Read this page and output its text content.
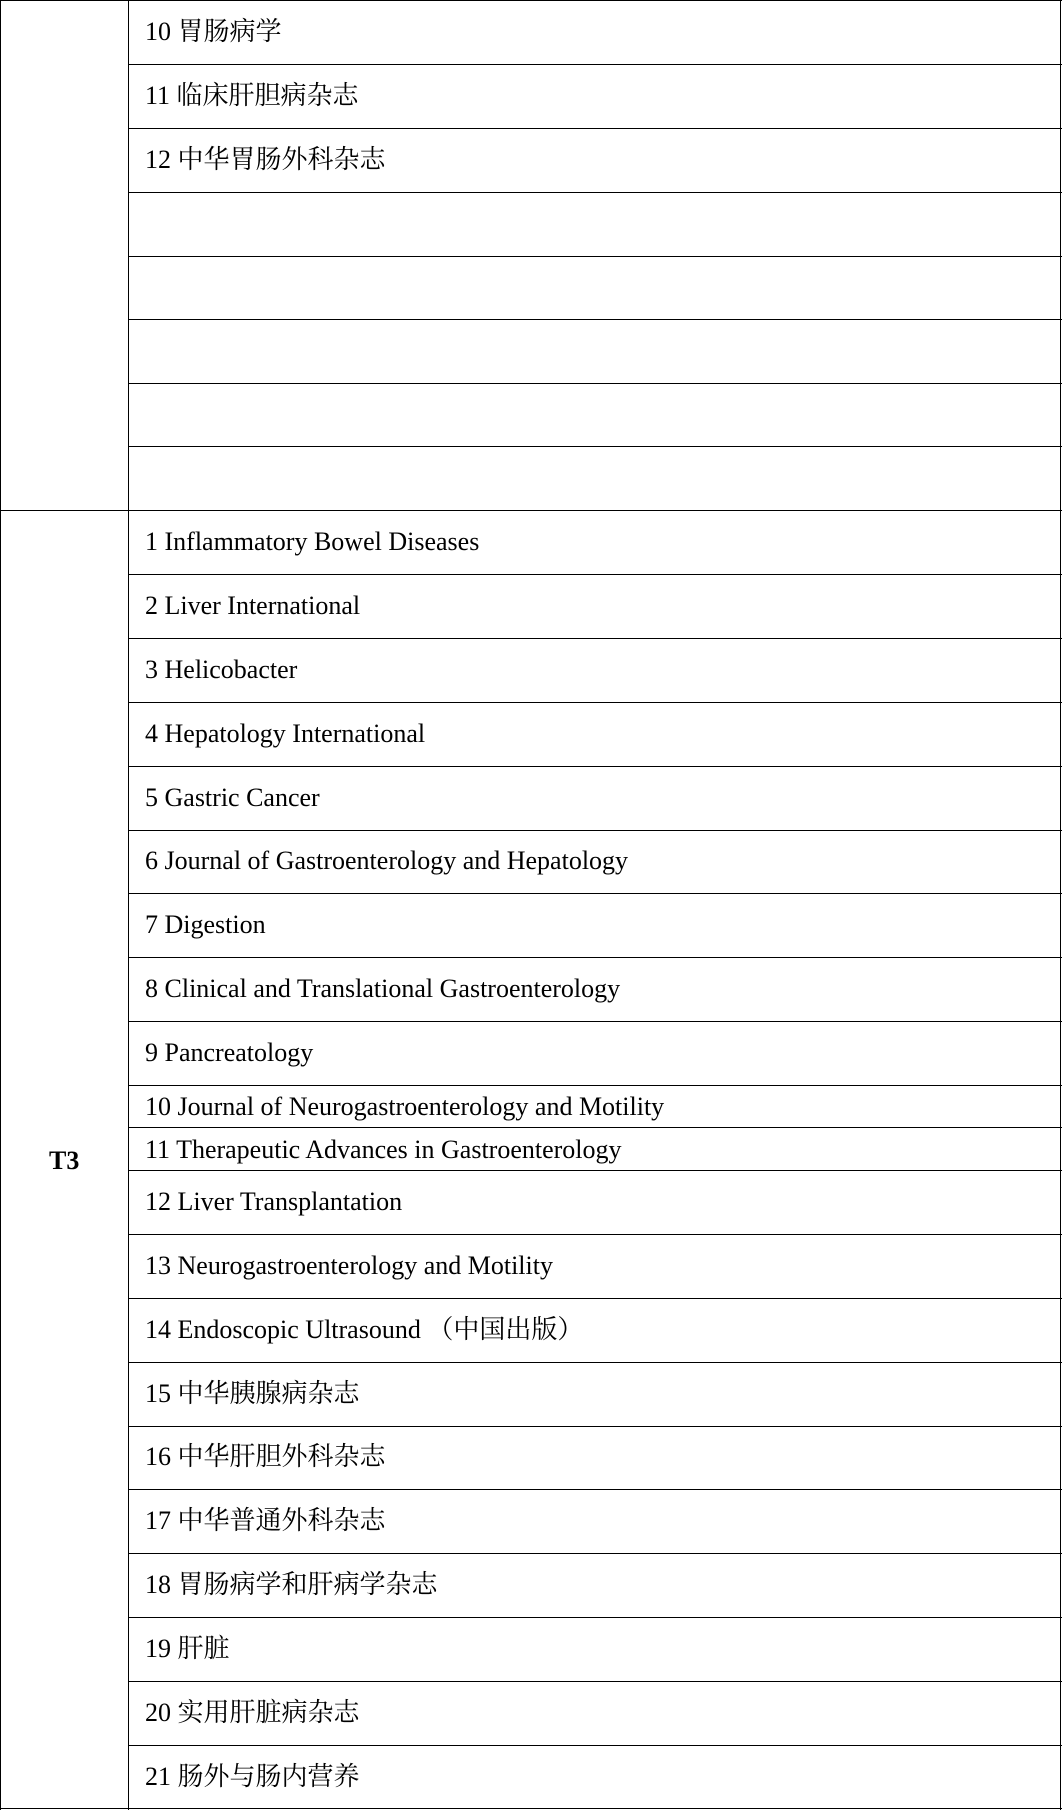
10 胃肠病学
11 临床肝胆病杂志
12 中华胃肠外科杂志
T3
1 Inflammatory Bowel Diseases
2 Liver International
3 Helicobacter
4 Hepatology International
5 Gastric Cancer
6 Journal of Gastroenterology and Hepatology
7 Digestion
8 Clinical and Translational Gastroenterology
9 Pancreatology
10 Journal of Neurogastroenterology and Motility
11 Therapeutic Advances in Gastroenterology
12 Liver Transplantation
13 Neurogastroenterology and Motility
14 Endoscopic Ultrasound （中国出版）
15 中华胰腺病杂志
16 中华肝胆外科杂志
17 中华普通外科杂志
18 胃肠病学和肝病学杂志
19 肝脏
20 实用肝脏病杂志
21 肠外与肠内营养
